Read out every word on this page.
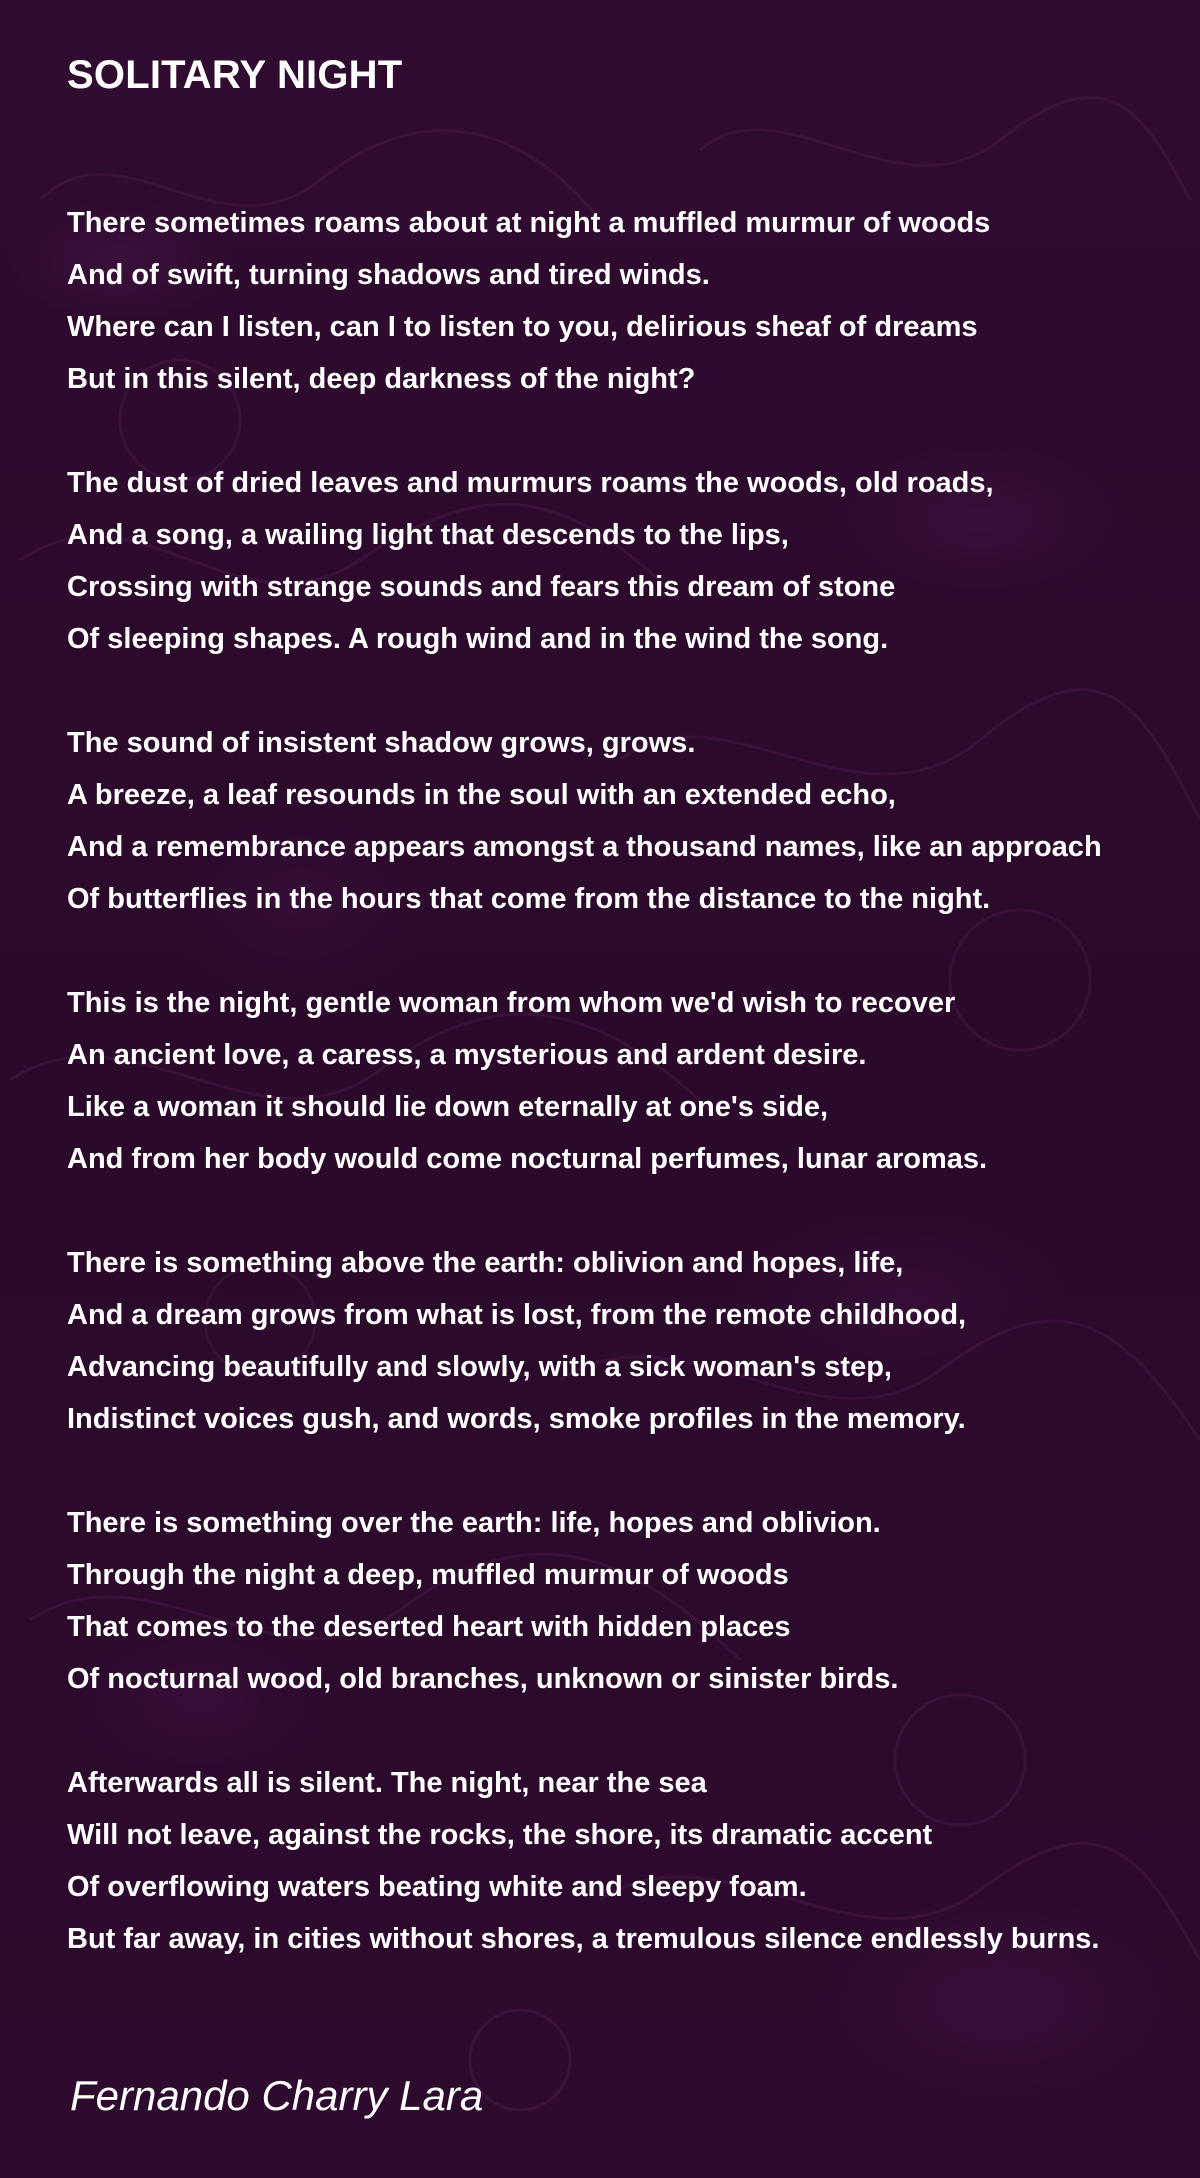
SOLITARY NIGHT
There sometimes roams about at night a muffled murmur of woods
And of swift, turning shadows and tired winds.
Where can I listen, can I to listen to you, delirious sheaf of dreams
But in this silent, deep darkness of the night?
The dust of dried leaves and murmurs roams the woods, old roads,
And a song, a wailing light that descends to the lips,
Crossing with strange sounds and fears this dream of stone
Of sleeping shapes. A rough wind and in the wind the song.
The sound of insistent shadow grows, grows.
A breeze, a leaf resounds in the soul with an extended echo,
And a remembrance appears amongst a thousand names, like an approach
Of butterflies in the hours that come from the distance to the night.
This is the night, gentle woman from whom we'd wish to recover
An ancient love, a caress, a mysterious and ardent desire.
Like a woman it should lie down eternally at one's side,
And from her body would come nocturnal perfumes, lunar aromas.
There is something above the earth: oblivion and hopes, life,
And a dream grows from what is lost, from the remote childhood,
Advancing beautifully and slowly, with a sick woman's step,
Indistinct voices gush, and words, smoke profiles in the memory.
There is something over the earth: life, hopes and oblivion.
Through the night a deep, muffled murmur of woods
That comes to the deserted heart with hidden places
Of nocturnal wood, old branches, unknown or sinister birds.
Afterwards all is silent. The night, near the sea
Will not leave, against the rocks, the shore, its dramatic accent
Of overflowing waters beating white and sleepy foam.
But far away, in cities without shores, a tremulous silence endlessly burns.
Fernando Charry Lara
